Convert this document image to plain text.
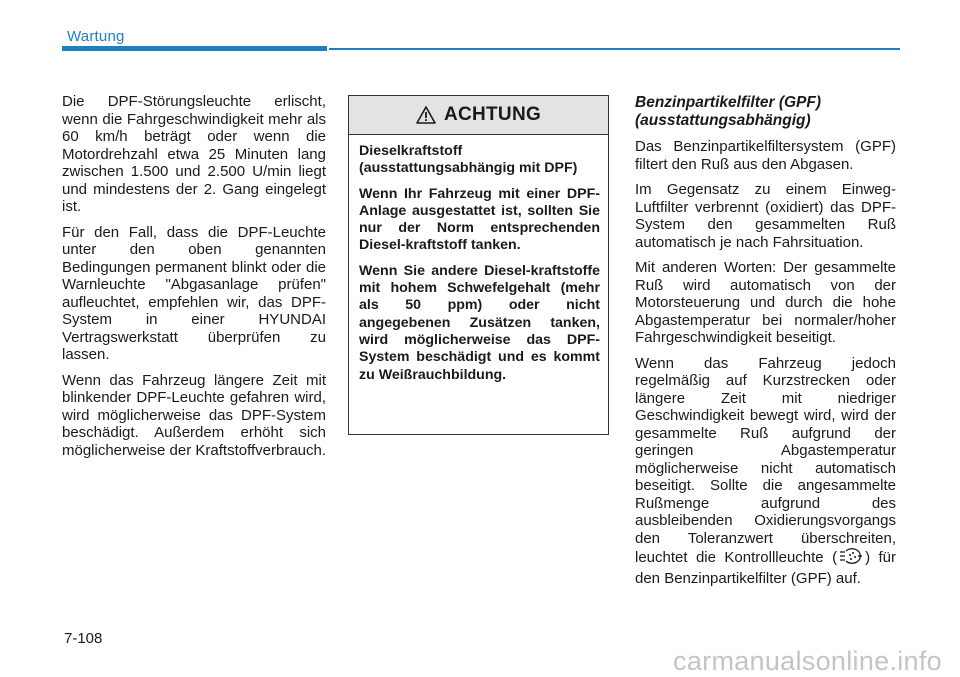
Wartung

Die DPF-Störungsleuchte erlischt, wenn die Fahrgeschwindigkeit mehr als 60 km/h beträgt oder wenn die Motordrehzahl etwa 25 Minuten lang zwischen 1.500 und 2.500 U/min liegt und mindestens der 2. Gang eingelegt ist.

Für den Fall, dass die DPF-Leuchte unter den oben genannten Bedingungen permanent blinkt oder die Warnleuchte "Abgasanlage prüfen" aufleuchtet, empfehlen wir, das DPF-System in einer HYUNDAI Vertragswerkstatt überprüfen zu lassen.

Wenn das Fahrzeug längere Zeit mit blinkender DPF-Leuchte gefahren wird, wird möglicherweise das DPF-System beschädigt. Außerdem erhöht sich möglicherweise der Kraftstoffverbrauch.

ACHTUNG

Dieselkraftstoff (ausstattungsabhängig mit DPF)

Wenn Ihr Fahrzeug mit einer DPF-Anlage ausgestattet ist, sollten Sie nur der Norm entsprechenden Diesel-kraftstoff tanken.

Wenn Sie andere Diesel-kraftstoffe mit hohem Schwefelgehalt (mehr als 50 ppm) oder nicht angegebenen Zusätzen tanken, wird möglicherweise das DPF-System beschädigt und es kommt zu Weißrauchbildung.

Benzinpartikelfilter (GPF) (ausstattungsabhängig)

Das Benzinpartikelfiltersystem (GPF) filtert den Ruß aus den Abgasen.

Im Gegensatz zu einem Einweg-Luftfilter verbrennt (oxidiert) das DPF-System den gesammelten Ruß automatisch je nach Fahrsituation.

Mit anderen Worten: Der gesammelte Ruß wird automatisch von der Motorsteuerung und durch die hohe Abgastemperatur bei normaler/hoher Fahrgeschwindigkeit beseitigt.

Wenn das Fahrzeug jedoch regelmäßig auf Kurzstrecken oder längere Zeit mit niedriger Geschwindigkeit bewegt wird, wird der gesammelte Ruß aufgrund der geringen Abgastemperatur möglicherweise nicht automatisch beseitigt. Sollte die angesammelte Rußmenge aufgrund des ausbleibenden Oxidierungsvorgangs den Toleranzwert überschreiten, leuchtet die Kontrollleuchte ( ) für den Benzinpartikelfilter (GPF) auf.

7-108
carmanualsonline.info
